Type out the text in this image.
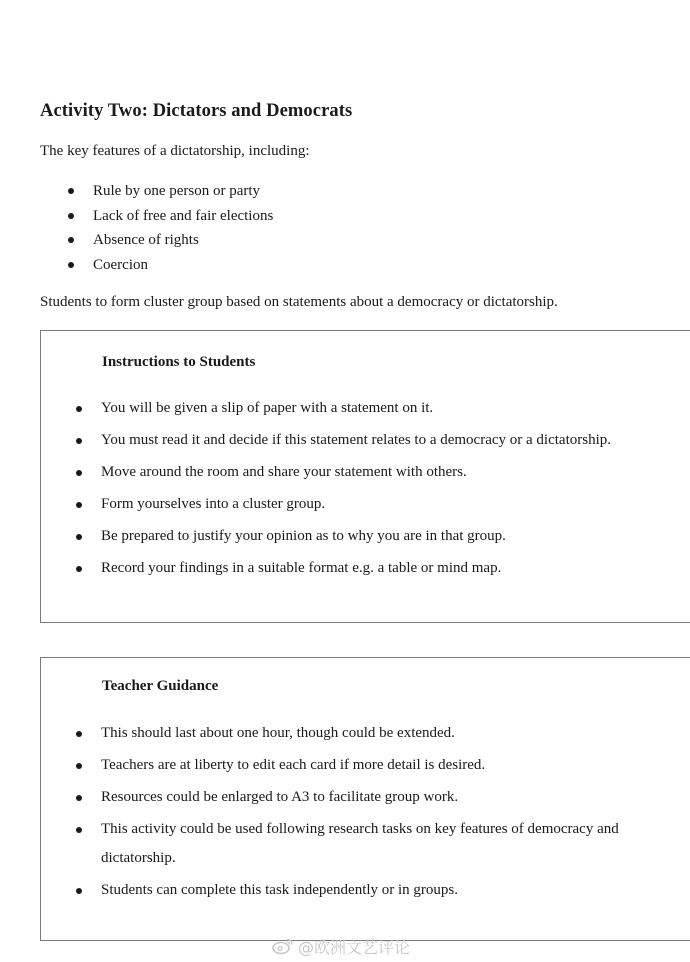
Activity Two: Dictators and Democrats
The key features of a dictatorship, including:
Rule by one person or party
Lack of free and fair elections
Absence of rights
Coercion
Students to form cluster group based on statements about a democracy or dictatorship.
Instructions to Students
You will be given a slip of paper with a statement on it.
You must read it and decide if this statement relates to a democracy or a dictatorship.
Move around the room and share your statement with others.
Form yourselves into a cluster group.
Be prepared to justify your opinion as to why you are in that group.
Record your findings in a suitable format e.g. a table or mind map.
Teacher Guidance
This should last about one hour, though could be extended.
Teachers are at liberty to edit each card if more detail is desired.
Resources could be enlarged to A3 to facilitate group work.
This activity could be used following research tasks on key features of democracy and dictatorship.
Students can complete this task independently or in groups.
@欧洲文艺评论
